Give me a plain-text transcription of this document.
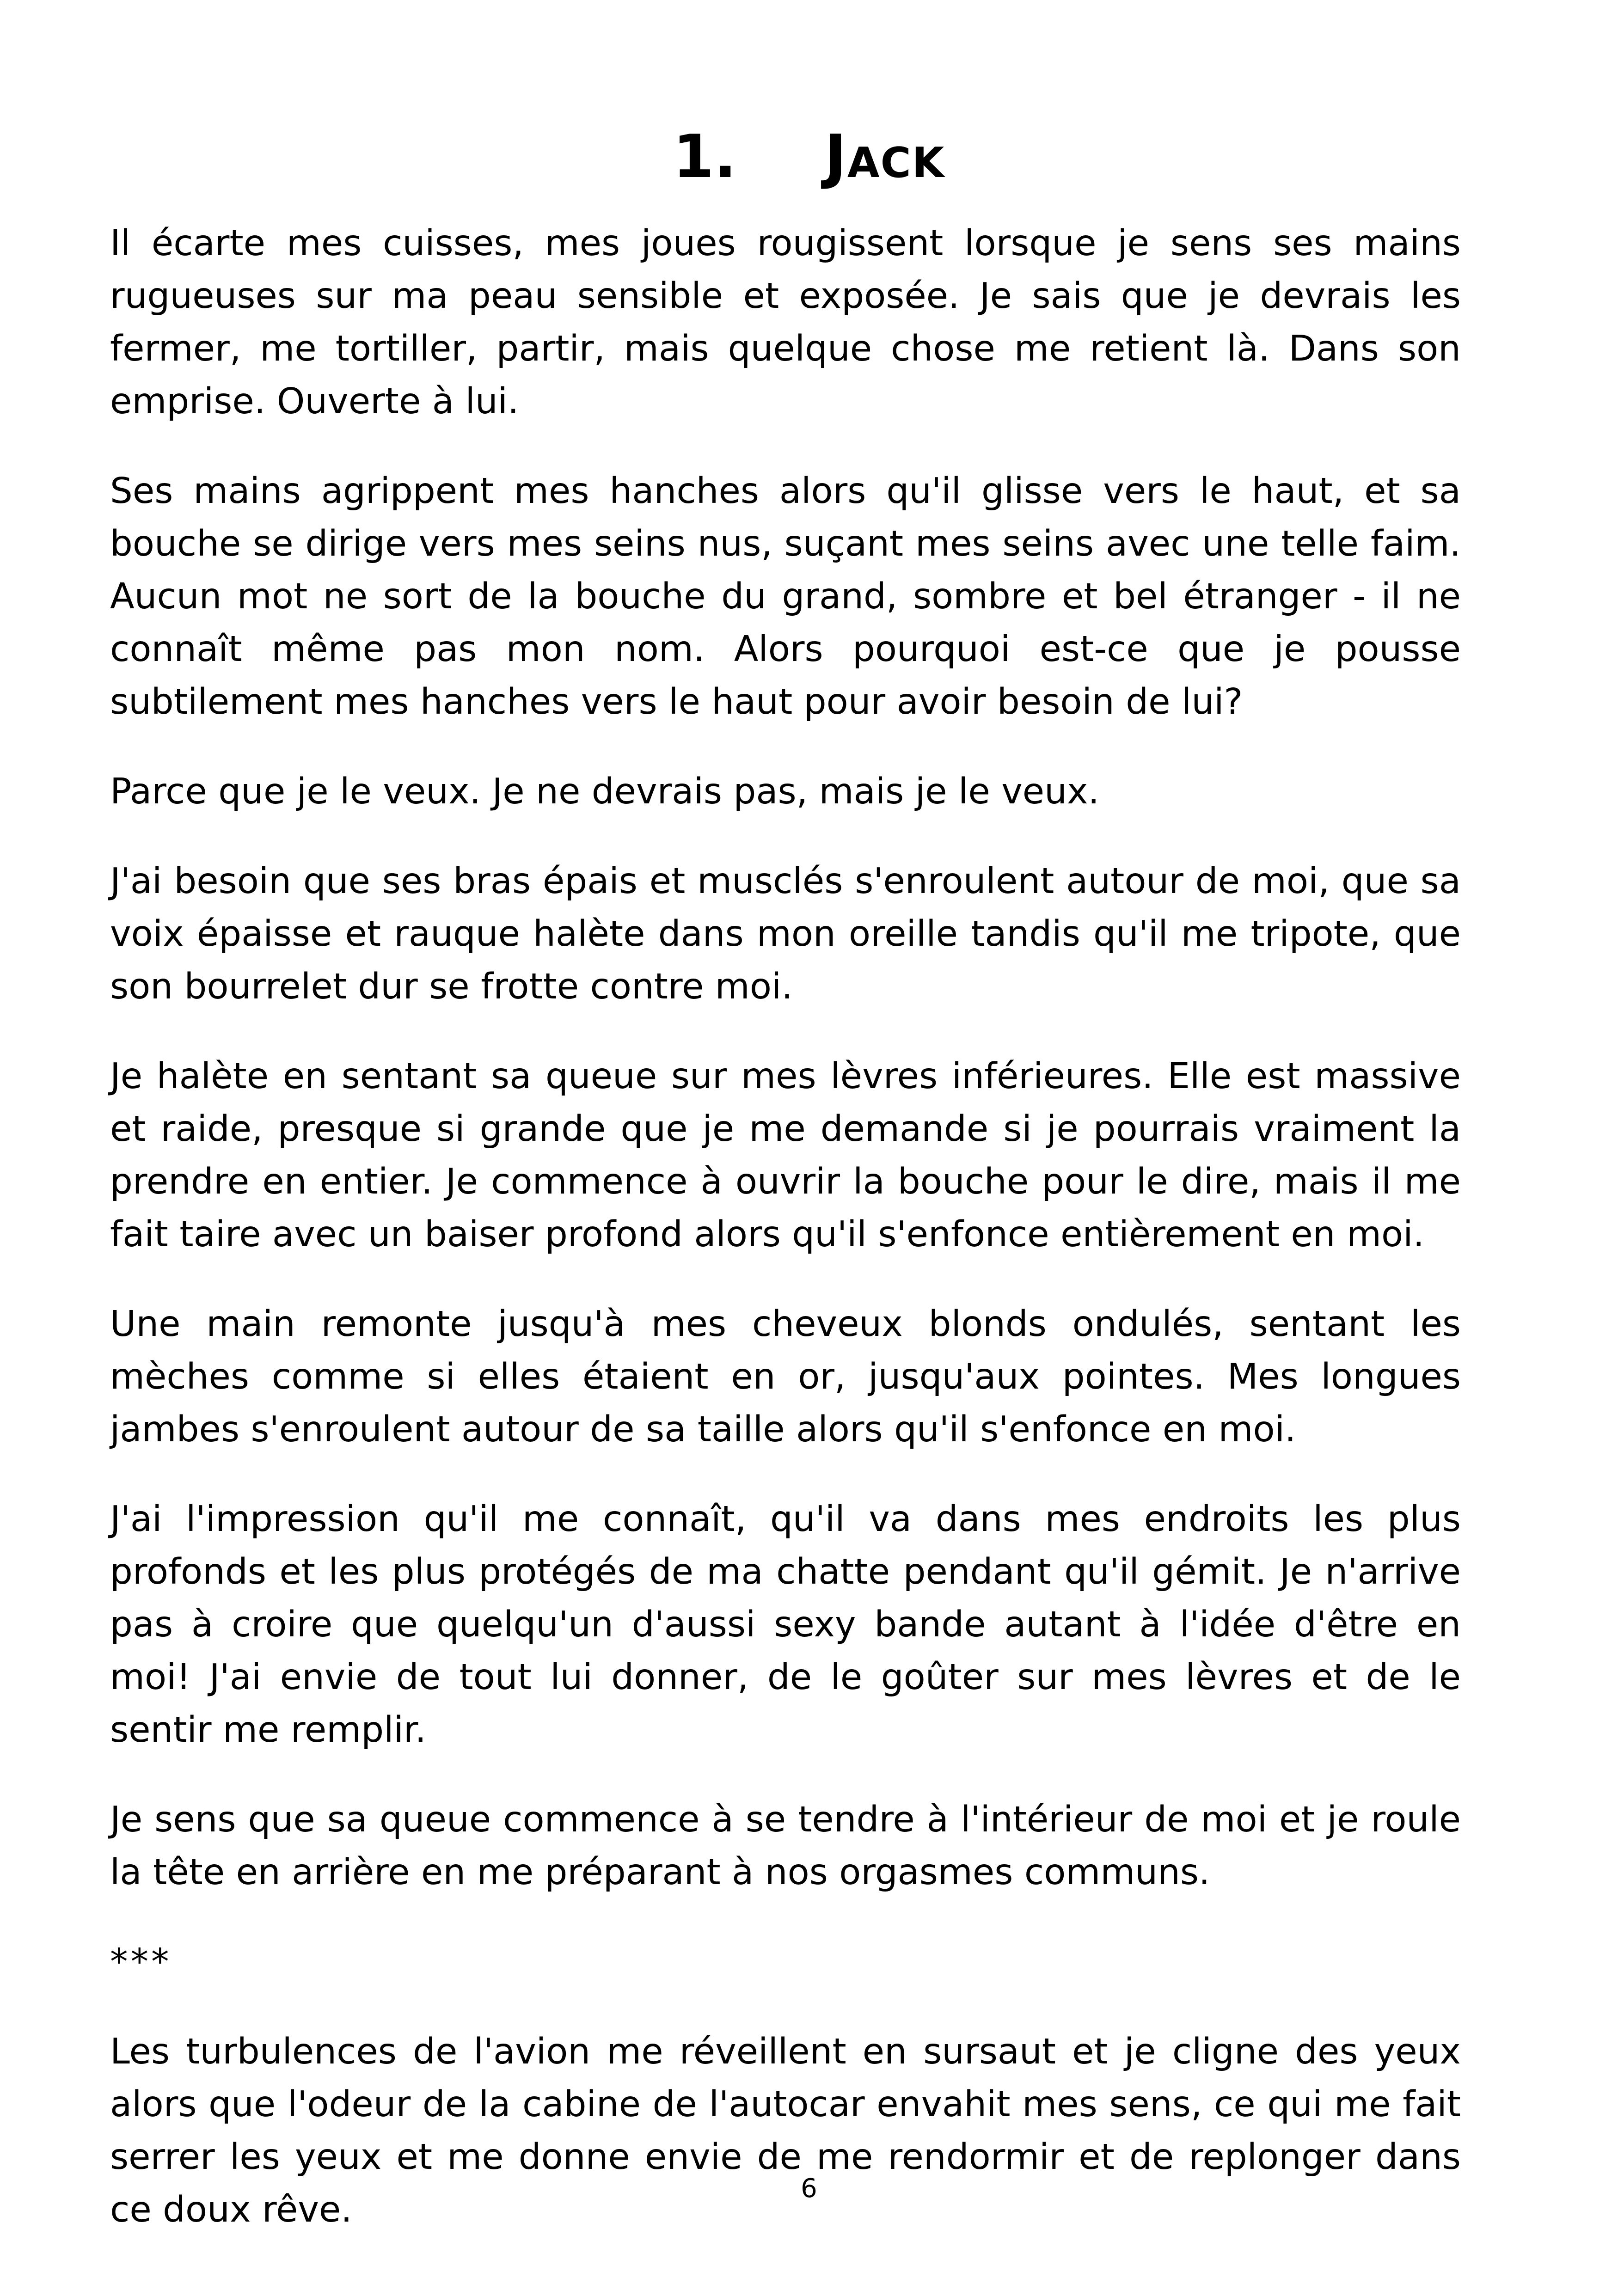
1. Jack

Il écarte mes cuisses, mes joues rougissent lorsque je sens ses mains rugueuses sur ma peau sensible et exposée. Je sais que je devrais les fermer, me tortiller, partir, mais quelque chose me retient là. Dans son emprise. Ouverte à lui.

Ses mains agrippent mes hanches alors qu'il glisse vers le haut, et sa bouche se dirige vers mes seins nus, suçant mes seins avec une telle faim. Aucun mot ne sort de la bouche du grand, sombre et bel étranger - il ne connaît même pas mon nom. Alors pourquoi est-ce que je pousse subtilement mes hanches vers le haut pour avoir besoin de lui?

Parce que je le veux. Je ne devrais pas, mais je le veux.

J'ai besoin que ses bras épais et musclés s'enroulent autour de moi, que sa voix épaisse et rauque halète dans mon oreille tandis qu'il me tripote, que son bourrelet dur se frotte contre moi.

Je halète en sentant sa queue sur mes lèvres inférieures. Elle est massive et raide, presque si grande que je me demande si je pourrais vraiment la prendre en entier. Je commence à ouvrir la bouche pour le dire, mais il me fait taire avec un baiser profond alors qu'il s'enfonce entièrement en moi.

Une main remonte jusqu'à mes cheveux blonds ondulés, sentant les mèches comme si elles étaient en or, jusqu'aux pointes. Mes longues jambes s'enroulent autour de sa taille alors qu'il s'enfonce en moi.

J'ai l'impression qu'il me connaît, qu'il va dans mes endroits les plus profonds et les plus protégés de ma chatte pendant qu'il gémit. Je n'arrive pas à croire que quelqu'un d'aussi sexy bande autant à l'idée d'être en moi! J'ai envie de tout lui donner, de le goûter sur mes lèvres et de le sentir me remplir.

Je sens que sa queue commence à se tendre à l'intérieur de moi et je roule la tête en arrière en me préparant à nos orgasmes communs.

***

Les turbulences de l'avion me réveillent en sursaut et je cligne des yeux alors que l'odeur de la cabine de l'autocar envahit mes sens, ce qui me fait serrer les yeux et me donne envie de me rendormir et de replonger dans ce doux rêve.

6
